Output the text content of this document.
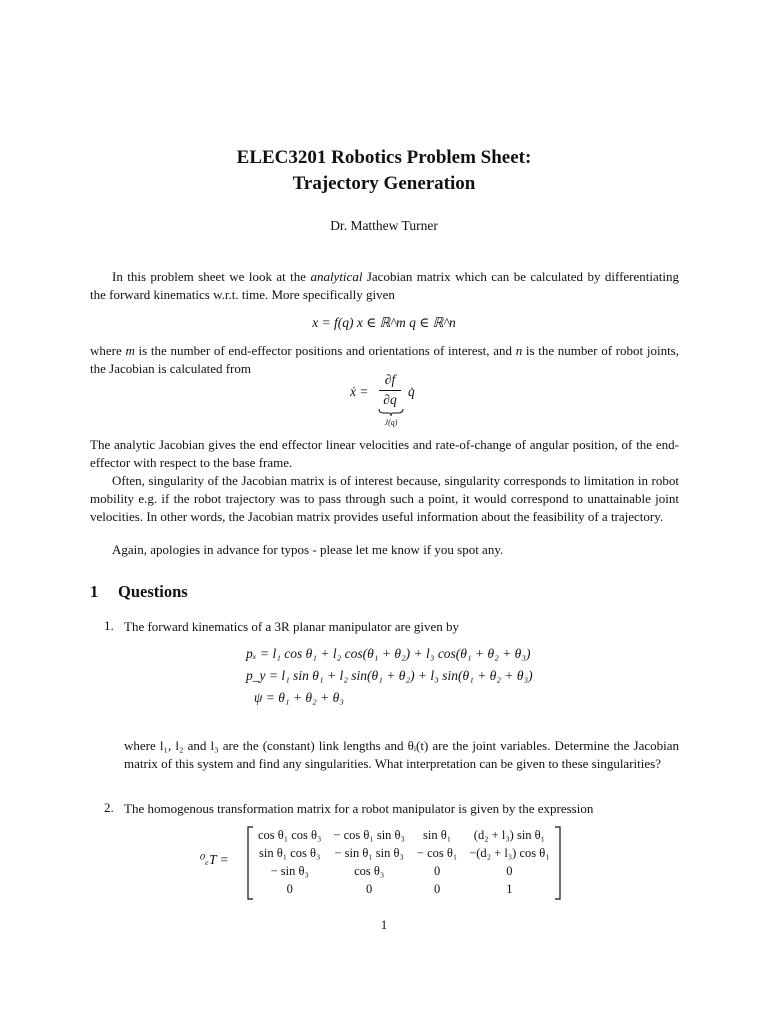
ELEC3201 Robotics Problem Sheet:
Trajectory Generation
Dr. Matthew Turner
In this problem sheet we look at the analytical Jacobian matrix which can be calculated by differentiating the forward kinematics w.r.t. time. More specifically given
x = f(q) x ∈ ℝ^m q ∈ ℝ^n
where m is the number of end-effector positions and orientations of interest, and n is the number of robot joints, the Jacobian is calculated from
ẋ =
∂f
∂q
q̇
J(q)
The analytic Jacobian gives the end effector linear velocities and rate-of-change of angular position, of the end-effector with respect to the base frame.
Often, singularity of the Jacobian matrix is of interest because, singularity corresponds to limitation in robot mobility e.g. if the robot trajectory was to pass through such a point, it would correspond to unattainable joint velocities. In other words, the Jacobian matrix provides useful information about the feasibility of a trajectory.
Again, apologies in advance for typos - please let me know if you spot any.
1 Questions
1. The forward kinematics of a 3R planar manipulator are given by
pₓ = l₁ cos θ₁ + l₂ cos(θ₁ + θ₂) + l₃ cos(θ₁ + θ₂ + θ₃)
p_y = l₁ sin θ₁ + l₂ sin(θ₁ + θ₂) + l₃ sin(θ₁ + θ₂ + θ₃)
ψ = θ₁ + θ₂ + θ₃
where l₁, l₂ and l₃ are the (constant) link lengths and θᵢ(t) are the joint variables. Determine the Jacobian matrix of this system and find any singularities. What interpretation can be given to these singularities?
2. The homogenous transformation matrix for a robot manipulator is given by the expression
⁰ₑT =
cos θ₁ cos θ₃	− cos θ₁ sin θ₃	sin θ₁	(d₂ + l₃) sin θ₁
sin θ₁ cos θ₃	− sin θ₁ sin θ₃	− cos θ₁	−(d₂ + l₃) cos θ₁
− sin θ₃	cos θ₃	0	0
0	0	0	1
1
